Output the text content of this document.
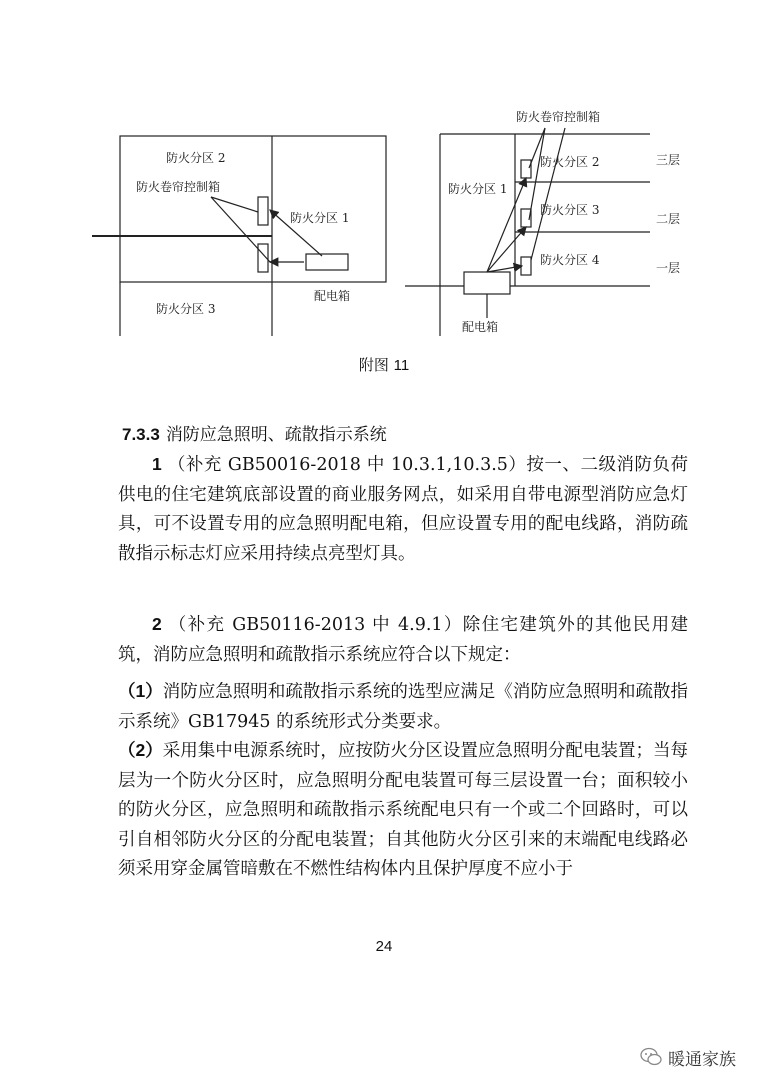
防火分区 2
防火卷帘控制箱
防火分区 1
配电箱
防火分区 3
防火卷帘控制箱
防火分区 1
防火分区 2
防火分区 3
防火分区 4
三层
二层
一层
配电箱
附图 11
7.3.3 消防应急照明、疏散指示系统
1 （补充 GB50016-2018 中 10.3.1,10.3.5）按一、二级消防负荷供电的住宅建筑底部设置的商业服务网点，如采用自带电源型消防应急灯具，可不设置专用的应急照明配电箱，但应设置专用的配电线路，消防疏散指示标志灯应采用持续点亮型灯具。
2 （补充 GB50116-2013 中 4.9.1）除住宅建筑外的其他民用建筑，消防应急照明和疏散指示系统应符合以下规定：
（1）消防应急照明和疏散指示系统的选型应满足《消防应急照明和疏散指示系统》GB17945 的系统形式分类要求。
（2）采用集中电源系统时，应按防火分区设置应急照明分配电装置；当每层为一个防火分区时，应急照明分配电装置可每三层设置一台；面积较小的防火分区，应急照明和疏散指示系统配电只有一个或二个回路时，可以引自相邻防火分区的分配电装置；自其他防火分区引来的末端配电线路必须采用穿金属管暗敷在不燃性结构体内且保护厚度不应小于
24
暖通家族
